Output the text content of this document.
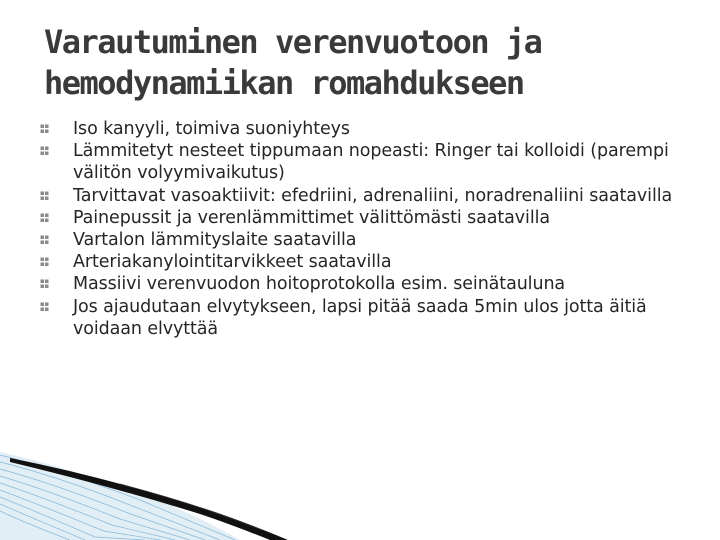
Varautuminen verenvuotoon ja
hemodynamiikan romahdukseen
Iso kanyyli, toimiva suoniyhteys
Lämmitetyt nesteet tippumaan nopeasti: Ringer tai kolloidi (parempi välitön volyymivaikutus)
Tarvittavat vasoaktiivit: efedriini, adrenaliini, noradrenaliini saatavilla
Painepussit ja verenlämmittimet välittömästi saatavilla
Vartalon lämmityslaite saatavilla
Arteriakanylointitarvikkeet saatavilla
Massiivi verenvuodon hoitoprotokolla esim. seinätauluna
Jos ajaudutaan elvytykseen, lapsi pitää saada 5min ulos jotta äitiä voidaan elvyttää
